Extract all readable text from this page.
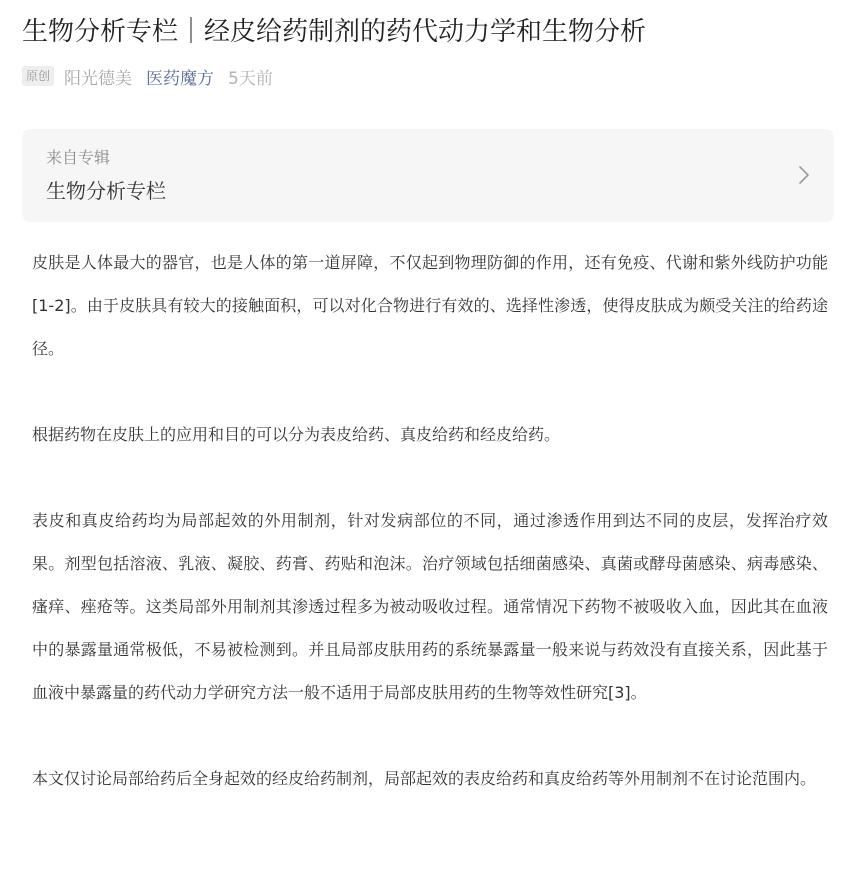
生物分析专栏｜经皮给药制剂的药代动力学和生物分析
原创 阳光德美 医药魔方 5天前
来自专辑
生物分析专栏

皮肤是人体最大的器官，也是人体的第一道屏障，不仅起到物理防御的作用，还有免疫、代谢和紫外线防护功能[1-2]。由于皮肤具有较大的接触面积，可以对化合物进行有效的、选择性渗透，使得皮肤成为颇受关注的给药途径。

根据药物在皮肤上的应用和目的可以分为表皮给药、真皮给药和经皮给药。

表皮和真皮给药均为局部起效的外用制剂，针对发病部位的不同，通过渗透作用到达不同的皮层，发挥治疗效果。剂型包括溶液、乳液、凝胶、药膏、药贴和泡沫。治疗领域包括细菌感染、真菌或酵母菌感染、病毒感染、瘙痒、痤疮等。这类局部外用制剂其渗透过程多为被动吸收过程。通常情况下药物不被吸收入血，因此其在血液中的暴露量通常极低，不易被检测到。并且局部皮肤用药的系统暴露量一般来说与药效没有直接关系，因此基于血液中暴露量的药代动力学研究方法一般不适用于局部皮肤用药的生物等效性研究[3]。

本文仅讨论局部给药后全身起效的经皮给药制剂，局部起效的表皮给药和真皮给药等外用制剂不在讨论范围内。
